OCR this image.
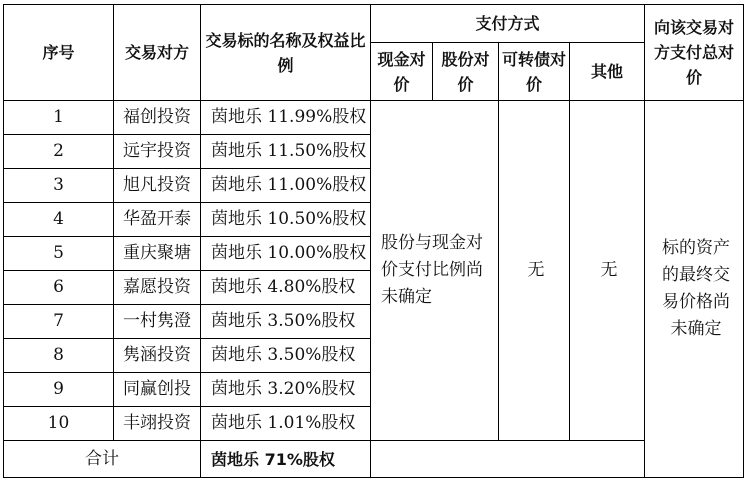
序号	交易对方	交易标的名称及权益比例	支付方式				向该交易对方支付总对价
			现金对价	股份对价	可转债对价	其他	
1	福创投资	茵地乐 11.99%股权	股份与现金对价支付比例尚未确定		无	无	标的资产的最终交易价格尚未确定
2	远宇投资	茵地乐 11.50%股权					
3	旭凡投资	茵地乐 11.00%股权					
4	华盈开泰	茵地乐 10.50%股权					
5	重庆聚塘	茵地乐 10.00%股权					
6	嘉愿投资	茵地乐 4.80%股权					
7	一村隽澄	茵地乐 3.50%股权					
8	隽涵投资	茵地乐 3.50%股权					
9	同赢创投	茵地乐 3.20%股权					
10	丰翊投资	茵地乐 1.01%股权					
合计		茵地乐 71%股权					
